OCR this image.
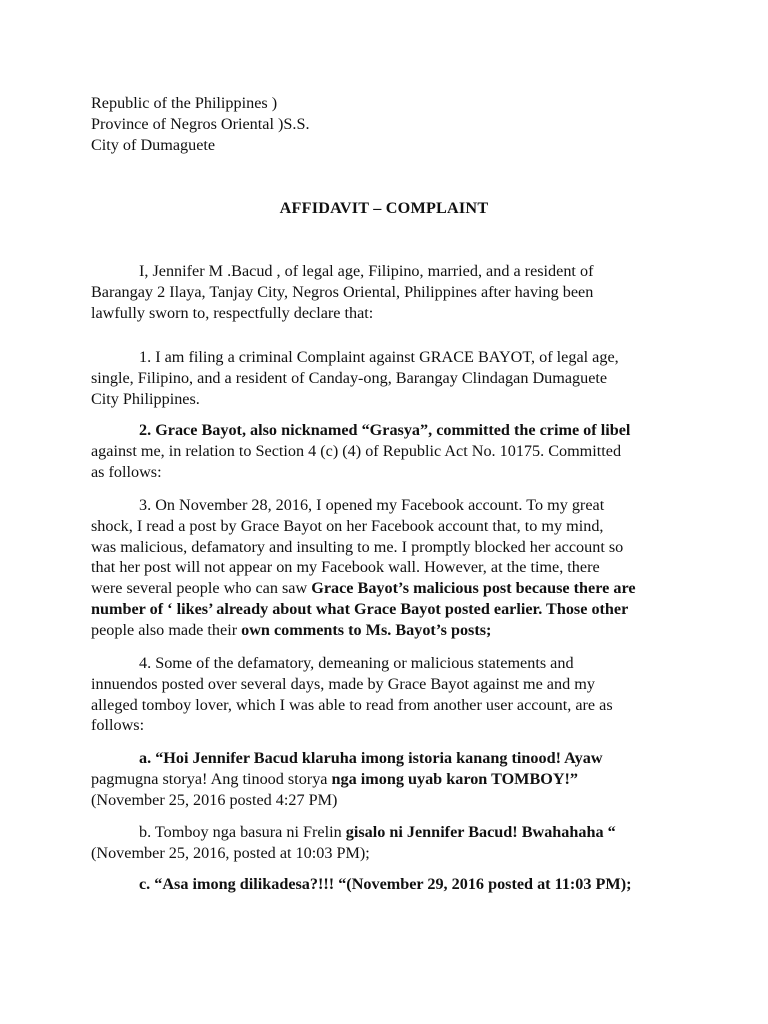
Republic of the Philippines )
Province of Negros Oriental )S.S.
City of Dumaguete
AFFIDAVIT – COMPLAINT

I, Jennifer M .Bacud , of legal age, Filipino, married, and a resident of

Barangay 2 Ilaya, Tanjay City, Negros Oriental, Philippines after having been

lawfully sworn to, respectfully declare that:

1. I am filing a criminal Complaint against GRACE BAYOT, of legal age,

single, Filipino, and a resident of Canday-ong, Barangay Clindagan Dumaguete

City Philippines.

2. Grace Bayot, also nicknamed “Grasya”, committed the crime of libel

against me, in relation to Section 4 (c) (4) of Republic Act No. 10175. Committed

as follows:

3. On November 28, 2016, I opened my Facebook account. To my great

shock, I read a post by Grace Bayot on her Facebook account that, to my mind,

was malicious, defamatory and insulting to me. I promptly blocked her account so

that her post will not appear on my Facebook wall. However, at the time, there

were several people who can saw Grace Bayot’s malicious post because there are

number of ‘ likes’ already about what Grace Bayot posted earlier. Those other

people also made their own comments to Ms. Bayot’s posts;

4. Some of the defamatory, demeaning or malicious statements and

innuendos posted over several days, made by Grace Bayot against me and my

alleged tomboy lover, which I was able to read from another user account, are as

follows:

a. “Hoi Jennifer Bacud klaruha imong istoria kanang tinood! Ayaw

pagmugna storya! Ang tinood storya nga imong uyab karon TOMBOY!”

(November 25, 2016 posted 4:27 PM)

b. Tomboy nga basura ni Frelin gisalo ni Jennifer Bacud! Bwahahaha “

(November 25, 2016, posted at 10:03 PM);

c. “Asa imong dilikadesa?!!! “(November 29, 2016 posted at 11:03 PM);
